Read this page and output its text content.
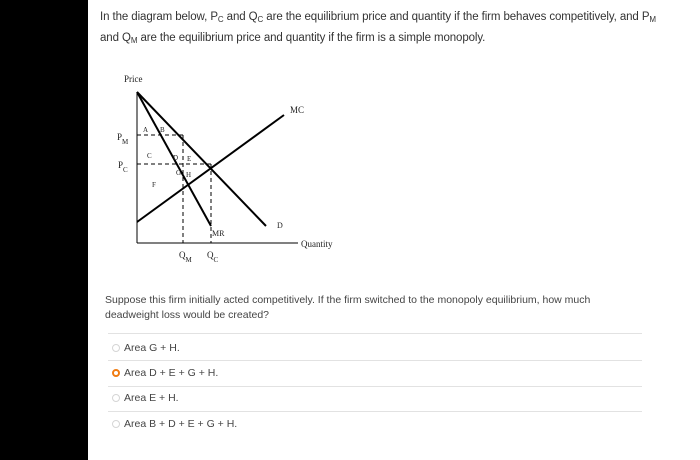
In the diagram below, $P_C$ and $Q_C$ are the equilibrium price and quantity if the firm behaves competitively, and $P_M$

and $Q_M$ are the equilibrium price and quantity if the firm is a simple monopoly.

Price
Quantity
MC
MR
D
$P_M$
$P_C$
$Q_M$ $Q_C$
A B
C	D E
F
G H

Suppose this firm initially acted competitively. If the firm switched to the monopoly equilibrium, how much

deadweight loss would be created?

Area G + H.
Area D + E + G + H.
Area E + H.
Area B + D + E + G + H.
